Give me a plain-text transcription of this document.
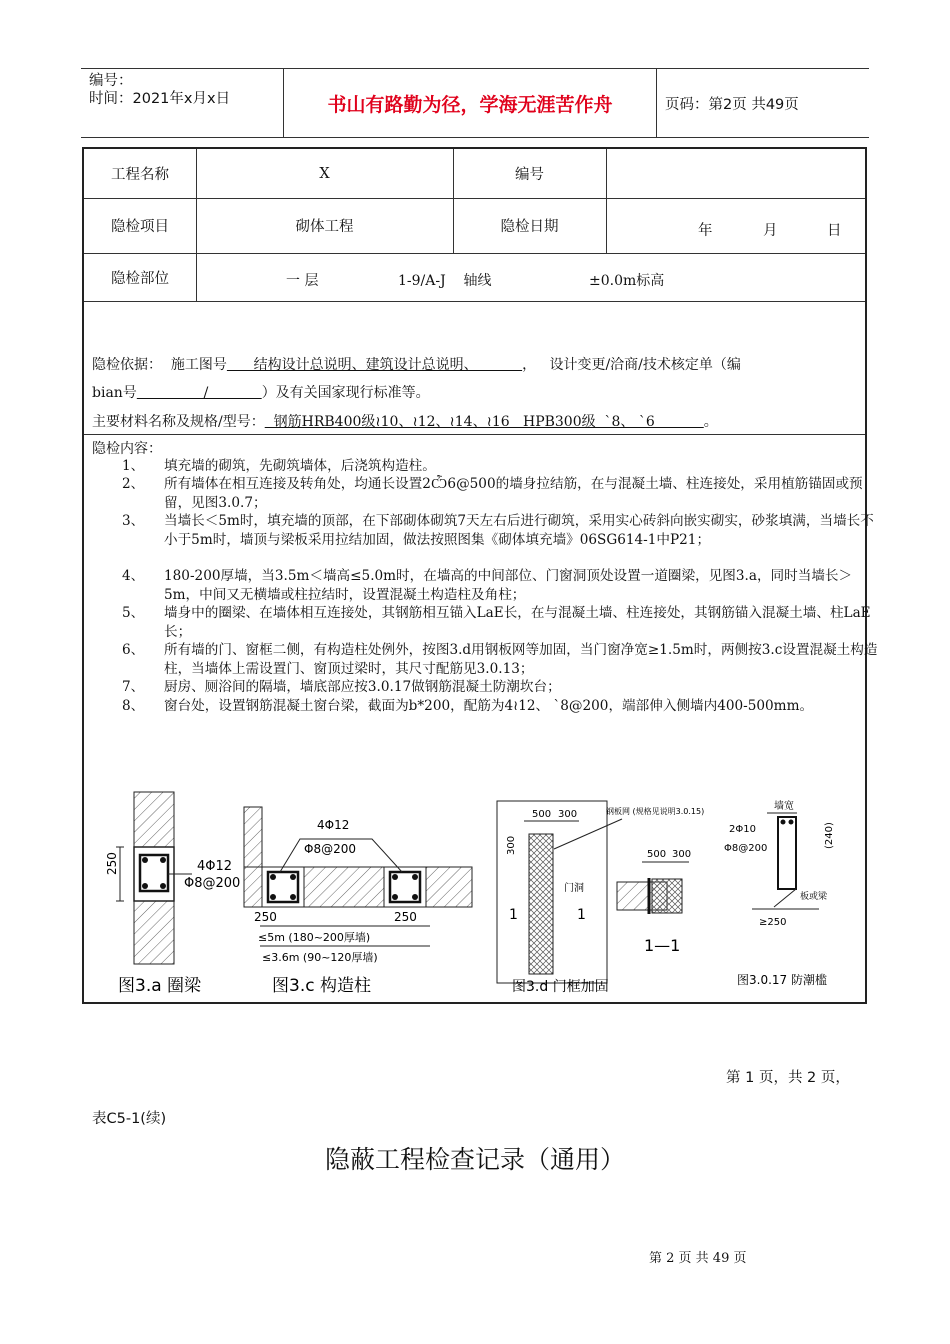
编号：
时间：2021年x月x日	书山有路勤为径，学海无涯苦作舟	页码：第2页 共49页
工程名称	X	编号
隐检项目	砌体工程	隐检日期	年	月	日
隐检部位	一 层	1-9/A-J    轴线	±0.0m标高
隐检依据：  施工图号      结构设计总说明、建筑设计总说明、          ，   设计变更/洽商/技术核定单（编
bian号               /            ）及有关国家现行标准等。
主要材料名称及规格/型号：  钢筋HRB400级≀10、≀12、≀14、≀16   HPB300级  `8、 `6           。
隐检内容：
1、 填充墙的砌筑，先砌筑墙体，后浇筑构造柱。
2、 所有墙体在相互连接及转角处，均通长设置2Ѽ6@500的墙身拉结筋，在与混凝土墙、柱连接处，采用植筋锚固或预留，见图3.0.7；
3、 当墙长＜5m时，填充墙的顶部，在下部砌体砌筑7天左右后进行砌筑，采用实心砖斜向嵌实砌实，砂浆填满，当墙长不小于5m时，墙顶与梁板采用拉结加固，做法按照图集《砌体填充墙》06SG614-1中P21；
4、 180-200厚墙，当3.5m＜墙高≤5.0m时，在墙高的中间部位、门窗洞顶处设置一道圈梁，见图3.a，同时当墙长＞5m，中间又无横墙或柱拉结时，设置混凝土构造柱及角柱；
5、 墙身中的圈梁、在墙体相互连接处，其钢筋相互锚入LaE长，在与混凝土墙、柱连接处，其钢筋锚入混凝土墙、柱LaE长；
6、 所有墙的门、窗框二侧，有构造柱处例外，按图3.d用钢板网等加固，当门窗净宽≥1.5m时，两侧按3.c设置混凝土构造柱，当墙体上需设置门、窗顶过梁时，其尺寸配筋见3.0.13；
7、 厨房、厕浴间的隔墙，墙底部应按3.0.17做钢筋混凝土防潮坎台；
8、 窗台处，设置钢筋混凝土窗台梁，截面为b*200，配筋为4≀12、 `8@200，端部伸入侧墙内400-500mm。
250	4Φ12
Φ8@200
图3.a 圈梁
4Φ12
Φ8@200
250	250
≤5m (180~200厚墙)
≤3.6m (90~120厚墙)
图3.c 构造柱
500 300
300
钢板网 (规格见说明3.0.15)
门洞
1	1
500 300
1—1
图3.d 门框加固
墙宽
2Φ10
Φ8@200	(240)
板或梁
≥250
图3.0.17 防潮槛
第 1 页，共 2 页，
表C5-1(续)
隐蔽工程检查记录（通用）
第 2 页 共 49 页
